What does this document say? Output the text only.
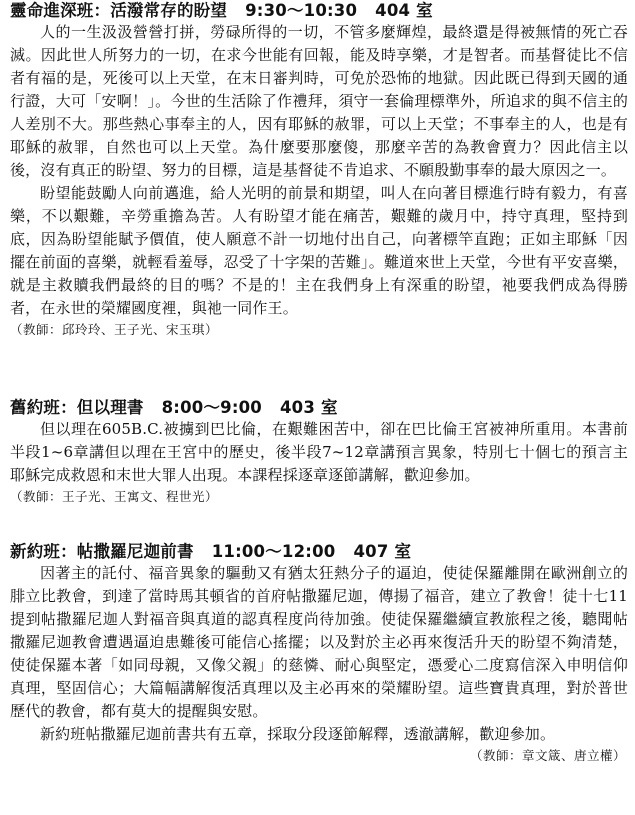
靈命進深班：活潑常存的盼望 9:30～10:30 404 室

人的一生汲汲營營打拼，勞碌所得的一切，不管多麼輝煌，最終還是得被無情的死亡吞滅。因此世人所努力的一切，在求今世能有回報，能及時享樂，才是智者。而基督徒比不信者有福的是，死後可以上天堂，在末日審判時，可免於恐怖的地獄。因此既已得到天國的通行證，大可「安啊！」。今世的生活除了作禮拜，須守一套倫理標準外，所追求的與不信主的人差別不大。那些熱心事奉主的人，因有耶穌的赦罪，可以上天堂；不事奉主的人，也是有耶穌的赦罪，自然也可以上天堂。為什麼要那麼傻，那麼辛苦的為教會賣力？因此信主以後，沒有真正的盼望、努力的目標，這是基督徒不肯追求、不願殷勤事奉的最大原因之一。

盼望能鼓勵人向前邁進，給人光明的前景和期望，叫人在向著目標進行時有毅力，有喜樂，不以艱難，辛勞重擔為苦。人有盼望才能在痛苦，艱難的歲月中，持守真理，堅持到底，因為盼望能賦予價值，使人願意不計一切地付出自己，向著標竿直跑；正如主耶穌「因擺在前面的喜樂，就輕看羞辱，忍受了十字架的苦難」。難道來世上天堂，今世有平安喜樂，就是主救贖我們最終的目的嗎？不是的！主在我們身上有深重的盼望，祂要我們成為得勝者，在永世的榮耀國度裡，與祂一同作王。

（教師：邱玲玲、王子光、宋玉琪）
舊約班：但以理書 8:00～9:00 403 室

但以理在605B.C.被擄到巴比倫，在艱難困苦中，卻在巴比倫王宮被神所重用。本書前半段1~6章講但以理在王宮中的歷史，後半段7~12章講預言異象，特別七十個七的預言主耶穌完成救恩和末世大罪人出現。本課程採逐章逐節講解，歡迎參加。

（教師：王子光、王寓文、程世光）
新約班：帖撒羅尼迦前書 11:00～12:00 407 室

因著主的託付、福音異象的驅動又有猶太狂熱分子的逼迫，使徒保羅離開在歐洲創立的腓立比教會，到達了當時馬其頓省的首府帖撒羅尼迦，傳揚了福音，建立了教會！徒十七11提到帖撒羅尼迦人對福音與真道的認真程度尚待加強。使徒保羅繼續宣教旅程之後，聽聞帖撒羅尼迦教會遭遇逼迫患難後可能信心搖擺；以及對於主必再來復活升天的盼望不夠清楚，使徒保羅本著「如同母親，又像父親」的慈憐、耐心與堅定，憑愛心二度寫信深入申明信仰真理，堅固信心；大篇幅講解復活真理以及主必再來的榮耀盼望。這些寶貴真理，對於普世歷代的教會，都有莫大的提醒與安慰。

新約班帖撒羅尼迦前書共有五章，採取分段逐節解釋，透澈講解，歡迎參加。

（教師：章文箴、唐立權）
